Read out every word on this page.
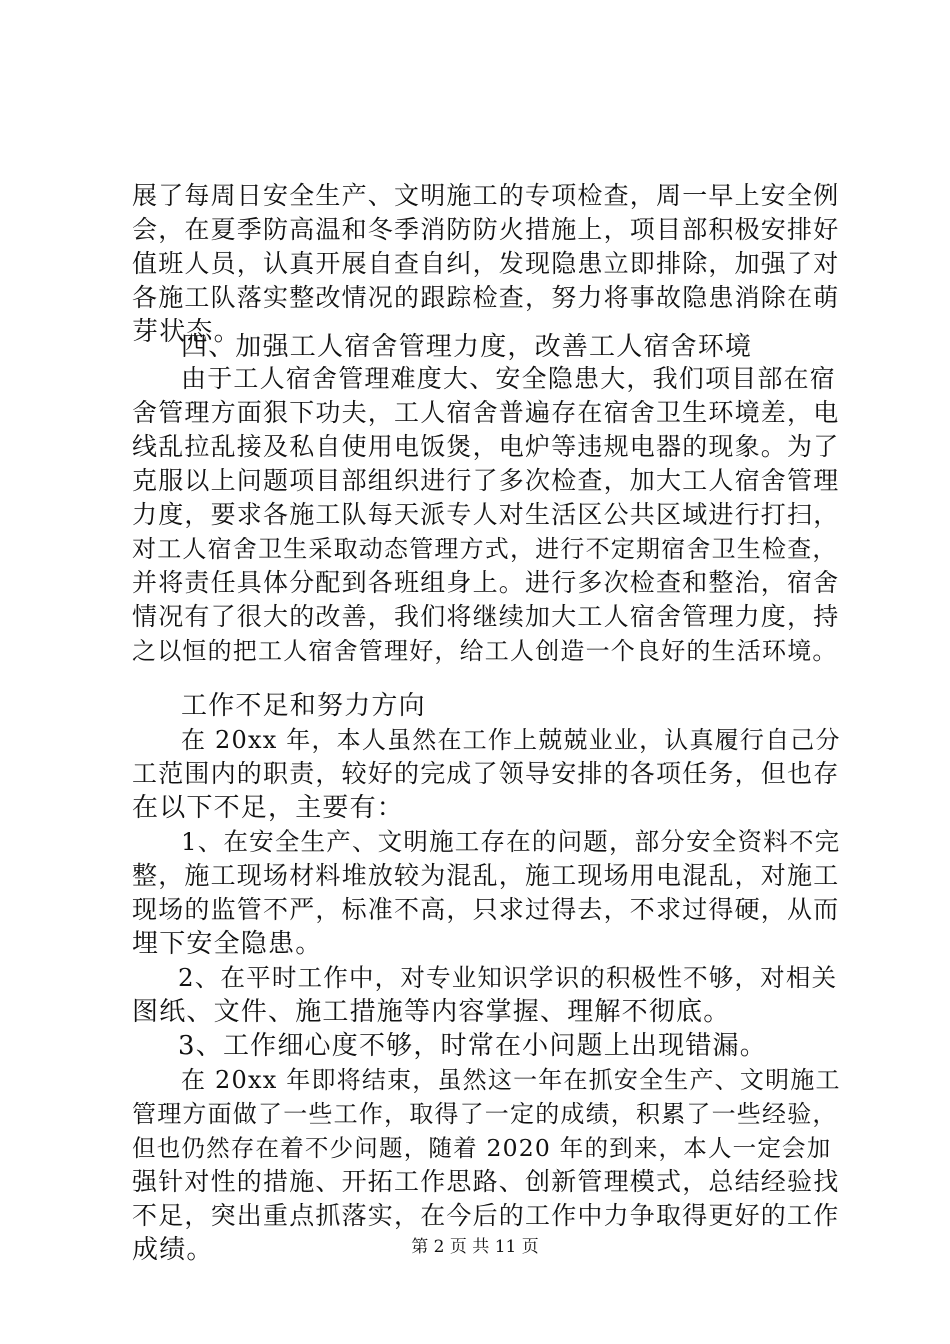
展了每周日安全生产、文明施工的专项检查，周一早上安全例

会，在夏季防高温和冬季消防防火措施上，项目部积极安排好

值班人员，认真开展自查自纠，发现隐患立即排除，加强了对

各施工队落实整改情况的跟踪检查，努力将事故隐患消除在萌

芽状态。

四、加强工人宿舍管理力度，改善工人宿舍环境

由于工人宿舍管理难度大、安全隐患大，我们项目部在宿

舍管理方面狠下功夫，工人宿舍普遍存在宿舍卫生环境差，电

线乱拉乱接及私自使用电饭煲，电炉等违规电器的现象。为了

克服以上问题项目部组织进行了多次检查，加大工人宿舍管理

力度，要求各施工队每天派专人对生活区公共区域进行打扫，

对工人宿舍卫生采取动态管理方式，进行不定期宿舍卫生检查，

并将责任具体分配到各班组身上。进行多次检查和整治，宿舍

情况有了很大的改善，我们将继续加大工人宿舍管理力度，持

之以恒的把工人宿舍管理好，给工人创造一个良好的生活环境。

工作不足和努力方向

在 20xx 年，本人虽然在工作上兢兢业业，认真履行自己分

工范围内的职责，较好的完成了领导安排的各项任务，但也存

在以下不足，主要有：

1、在安全生产、文明施工存在的问题，部分安全资料不完

整，施工现场材料堆放较为混乱，施工现场用电混乱，对施工

现场的监管不严，标准不高，只求过得去，不求过得硬，从而

埋下安全隐患。

2、在平时工作中，对专业知识学识的积极性不够，对相关

图纸、文件、施工措施等内容掌握、理解不彻底。

3、工作细心度不够，时常在小问题上出现错漏。

在 20xx 年即将结束，虽然这一年在抓安全生产、文明施工

管理方面做了一些工作，取得了一定的成绩，积累了一些经验，

但也仍然存在着不少问题，随着 2020 年的到来，本人一定会加

强针对性的措施、开拓工作思路、创新管理模式，总结经验找

不足，突出重点抓落实，在今后的工作中力争取得更好的工作

成绩。	第 2 页 共 11 页
